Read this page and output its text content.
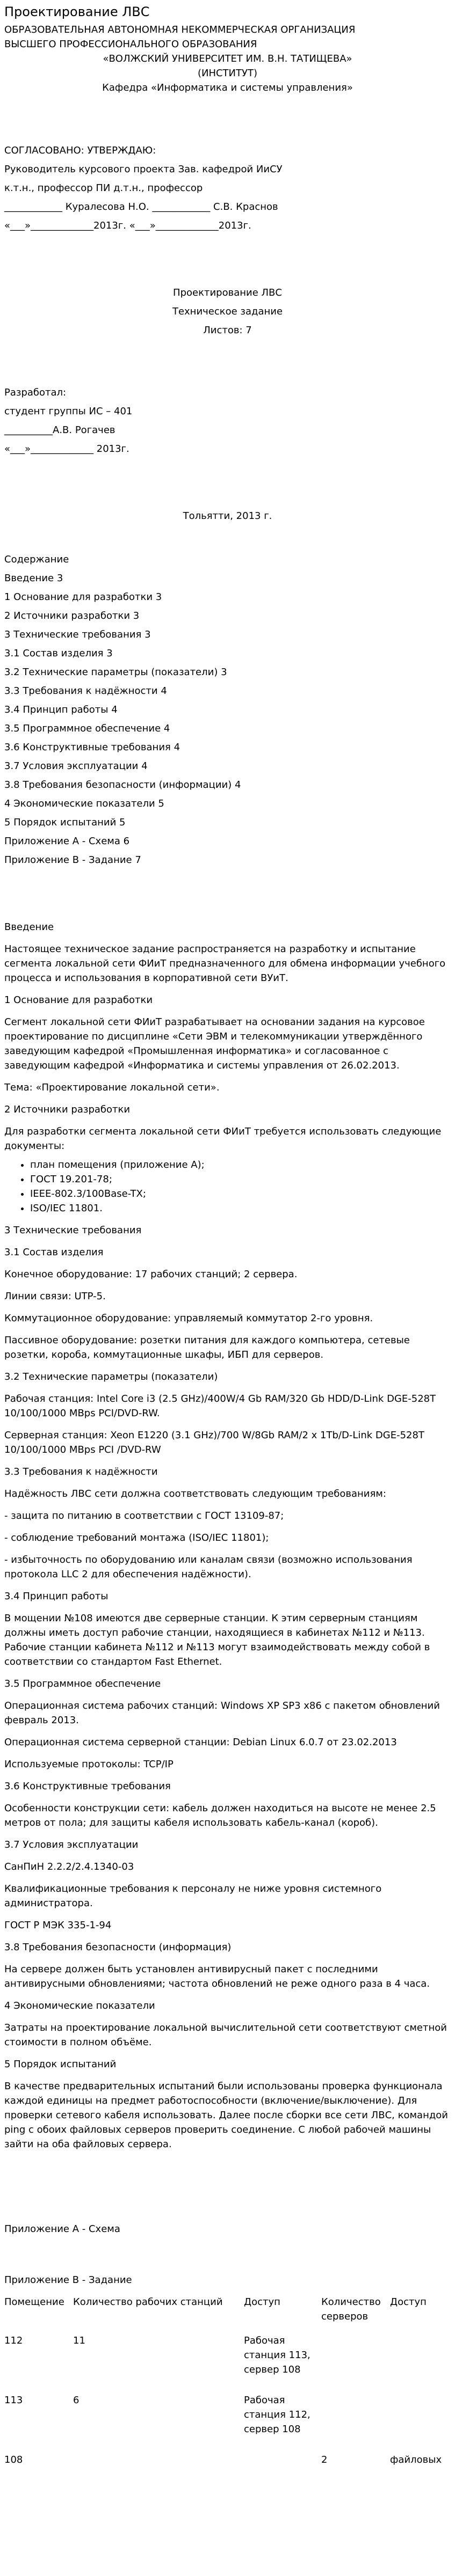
Проектирование ЛВС

ОБРАЗОВАТЕЛЬНАЯ АВТОНОМНАЯ НЕКОММЕРЧЕСКАЯ ОРГАНИЗАЦИЯ

ВЫСШЕГО ПРОФЕССИОНАЛЬНОГО ОБРАЗОВАНИЯ

«ВОЛЖСКИЙ УНИВЕРСИТЕТ ИМ. В.Н. ТАТИЩЕВА»

(ИНСТИТУТ)

Кафедра «Информатика и системы управления»

СОГЛАСОВАНО: УТВЕРЖДАЮ:

Руководитель курсового проекта Зав. кафедрой ИиСУ

к.т.н., профессор ПИ д.т.н., профессор

____________ Куралесова Н.О. ____________ С.В. Краснов

«___»_____________2013г. «___»_____________2013г.

Проектирование ЛВС

Техническое задание

Листов: 7

Разработал:

студент группы ИС – 401

__________А.В. Рогачев

«___»_____________ 2013г.

Тольятти, 2013 г.

Содержание

Введение 3

1 Основание для разработки 3

2 Источники разработки 3

3 Технические требования 3

3.1 Состав изделия 3

3.2 Технические параметры (показатели) 3

3.3 Требования к надёжности 4

3.4 Принцип работы 4

3.5 Программное обеспечение 4

3.6 Конструктивные требования 4

3.7 Условия эксплуатации 4

3.8 Требования безопасности (информации) 4

4 Экономические показатели 5

5 Порядок испытаний 5

Приложение А - Схема 6

Приложение В - Задание 7

Введение

Настоящее техническое задание распространяется на разработку и испытание сегмента локальной сети ФИиТ предназначенного для обмена информации учебного процесса и использования в корпоративной сети ВУиТ.

1 Основание для разработки

Сегмент локальной сети ФИиТ разрабатывает на основании задания на курсовое проектирование по дисциплине «Сети ЭВМ и телекоммуникации утверждённого заведующим кафедрой «Промышленная информатика» и согласованное с заведующим кафедрой «Информатика и системы управления от 26.02.2013.

Тема: «Проектирование локальной сети».

2 Источники разработки

Для разработки сегмента локальной сети ФИиТ требуется использовать следующие документы:

• план помещения (приложение А);
• ГОСТ 19.201-78;
• IEEE-802.3/100Base-TX;
• ISO/IEC 11801.

3 Технические требования

3.1 Состав изделия

Конечное оборудование: 17 рабочих станций; 2 сервера.

Линии связи: UTP-5.

Коммутационное оборудование: управляемый коммутатор 2-го уровня.

Пассивное оборудование: розетки питания для каждого компьютера, сетевые розетки, короба, коммутационные шкафы, ИБП для серверов.

3.2 Технические параметры (показатели)

Рабочая станция: Intel Core i3 (2.5 GHz)/400W/4 Gb RAM/320 Gb HDD/D-Link DGE-528T 10/100/1000 MBps PCI/DVD-RW.

Серверная станция: Xeon E1220 (3.1 GHz)/700 W/8Gb RAM/2 x 1Tb/D-Link DGE-528T 10/100/1000 MBps PCI /DVD-RW

3.3 Требования к надёжности

Надёжность ЛВС сети должна соответствовать следующим требованиям:

- защита по питанию в соответствии с ГОСТ 13109-87;

- соблюдение требований монтажа (ISO/IEC 11801);

- избыточность по оборудованию или каналам связи (возможно использования протокола LLC 2 для обеспечения надёжности).

3.4 Принцип работы

В мощении №108 имеются две серверные станции. К этим серверным станциям должны иметь доступ рабочие станции, находящиеся в кабинетах №112 и №113. Рабочие станции кабинета №112 и №113 могут взаимодействовать между собой в соответствии со стандартом Fast Ethernet.

3.5 Программное обеспечение

Операционная система рабочих станций: Windows XP SP3 x86 с пакетом обновлений февраль 2013.

Операционная система серверной станции: Debian Linux 6.0.7 от 23.02.2013

Используемые протоколы: TCP/IP

3.6 Конструктивные требования

Особенности конструкции сети: кабель должен находиться на высоте не менее 2.5 метров от пола; для защиты кабеля использовать кабель-канал (короб).

3.7 Условия эксплуатации

СанПиН 2.2.2/2.4.1340-03

Квалификационные требования к персоналу не ниже уровня системного администратора.

ГОСТ Р МЭК 335-1-94

3.8 Требования безопасности (информация)

На сервере должен быть установлен антивирусный пакет с последними антивирусными обновлениями; частота обновлений не реже одного раза в 4 часа.

4 Экономические показатели

Затраты на проектирование локальной вычислительной сети соответствуют сметной стоимости в полном объёме.

5 Порядок испытаний

В качестве предварительных испытаний были использованы проверка функционала каждой единицы на предмет работоспособности (включение/выключение). Для проверки сетевого кабеля использовать. Далее после сборки все сети ЛВС, командой ping с обоих файловых серверов проверить соединение. С любой рабочей машины зайти на оба файловых сервера.

Приложение А - Схема

Приложение В - Задание

Помещение	Количество рабочих станций	Доступ	Количество серверов	Доступ
112	11	Рабочая станция 113, сервер 108		
113	6	Рабочая станция 112, сервер 108		
108			2	файловых
